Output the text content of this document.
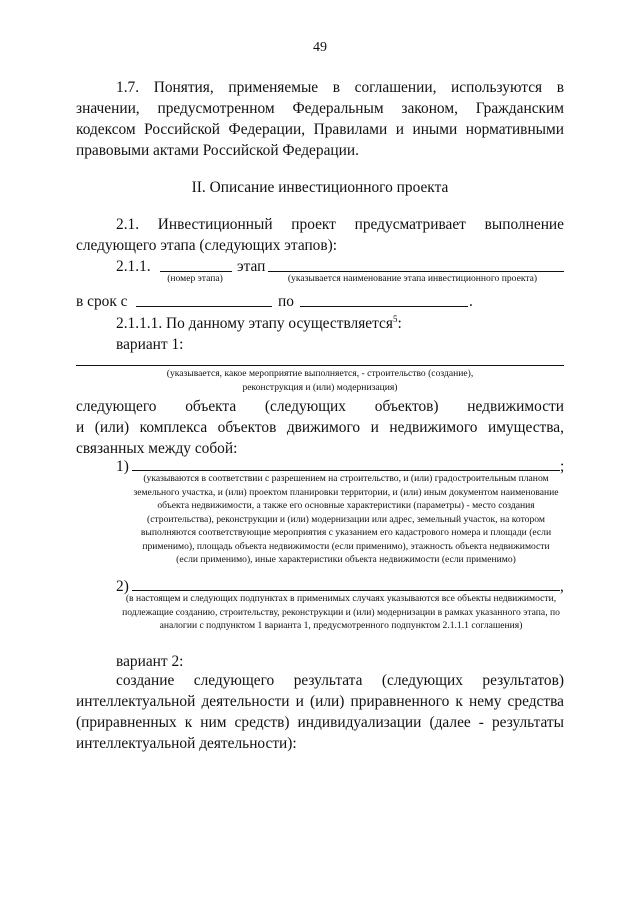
49

1.7. Понятия, применяемые в соглашении, используются в значении, предусмотренном Федеральным законом, Гражданским кодексом Российской Федерации, Правилами и иными нормативными правовыми актами Российской Федерации.

II. Описание инвестиционного проекта

2.1. Инвестиционный проект предусматривает выполнение

следующего этапа (следующих этапов):

2.1.1.	этап

(номер этапа)	(указывается наименование этапа инвестиционного проекта)

в срок с	по	.
2.1.1.1. По данному этапу осуществляется$^5$:
вариант 1:

(указывается, какое мероприятие выполняется, - строительство (создание), реконструкция и (или) модернизация)

следующего объекта (следующих объектов) недвижимости

и (или) комплекса объектов движимого и недвижимого имущества,

связанных между собой:

1)	;

(указываются в соответствии с разрешением на строительство, и (или) градостроительным планом земельного участка, и (или) проектом планировки территории, и (или) иным документом наименование объекта недвижимости, а также его основные характеристики (параметры) - место создания (строительства), реконструкции и (или) модернизации или адрес, земельный участок, на котором выполняются соответствующие мероприятия с указанием его кадастрового номера и площади (если применимо), площадь объекта недвижимости (если применимо), этажность объекта недвижимости (если применимо), иные характеристики объекта недвижимости (если применимо)

2)	,

(в настоящем и следующих подпунктах в применимых случаях указываются все объекты недвижимости, подлежащие созданию, строительству, реконструкции и (или) модернизации в рамках указанного этапа, по аналогии с подпунктом 1 варианта 1, предусмотренного подпунктом 2.1.1.1 соглашения)

вариант 2:

создание следующего результата (следующих результатов) интеллектуальной деятельности и (или) приравненного к нему средства (приравненных к ним средств) индивидуализации (далее - результаты интеллектуальной деятельности):
